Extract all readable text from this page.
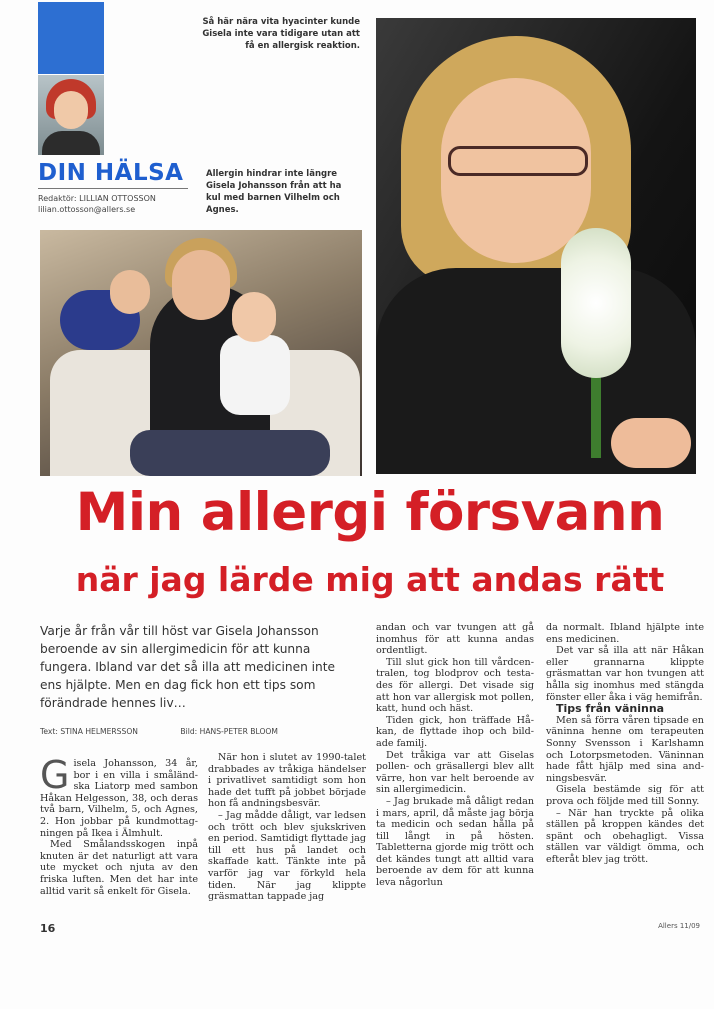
DIN HÄLSA
Redaktör: LILLIAN OTTOSSON
lilian.ottosson@allers.se
Så här nära vita hyacinter kunde Gisela inte vara tidigare utan att få en allergisk reaktion.
Allergin hindrar inte längre Gisela Johansson från att ha kul med barnen Vilhelm och Agnes.
Min allergi försvann
när jag lärde mig att andas rätt
Varje år från vår till höst var Gisela Johansson beroende av sin allergimedicin för att kunna fungera. Ibland var det så illa att medicinen inte ens hjälpte. Men en dag fick hon ett tips som förändrade hennes liv…
Text: STINA HELMERSSON	Bild: HANS-PETER BLOOM
G isela Johansson, 34 år, bor i en villa i småländska Liatorp med sambon Håkan Helgesson, 38, och deras två barn, Vilhelm, 5, och Agnes, 2. Hon jobbar på kundmottagningen på Ikea i Älmhult.

Med Smålandsskogen inpå knuten är det naturligt att vara ute mycket och njuta av den friska luften. Men det har inte alltid varit så enkelt för Gisela.

När hon i slutet av 1990-talet drabbades av tråkiga händelser i privatlivet samtidigt som hon hade det tufft på jobbet började hon få andningsbesvär.

– Jag mådde dåligt, var ledsen och trött och blev sjukskriven en period. Samtidigt flyttade jag till ett hus på landet och skaffade katt. Tänkte inte på varför jag var förkyld hela tiden. När jag klippte gräsmattan tappade jag

andan och var tvungen att gå inomhus för att kunna andas ordentligt.

Till slut gick hon till vårdcentralen, tog blodprov och testades för allergi. Det visade sig att hon var allergisk mot pollen, katt, hund och häst.

Tiden gick, hon träffade Håkan, de flyttade ihop och bildade familj.

Det tråkiga var att Giselas pollen- och gräsallergi blev allt värre, hon var helt beroende av sin allergimedicin.

– Jag brukade må dåligt redan i mars, april, då måste jag börja ta medicin och sedan hålla på till långt in på hösten. Tabletterna gjorde mig trött och det kändes tungt att alltid vara beroende av dem för att kunna leva någorlun

da normalt. Ibland hjälpte inte ens medicinen.

Det var så illa att när Håkan eller grannarna klippte gräsmattan var hon tvungen att hålla sig inomhus med stängda fönster eller åka i väg hemifrån.

Tips från väninna

Men så förra våren tipsade en väninna henne om terapeuten Sonny Svensson i Karlshamn och Lotorpsmetoden. Väninnan hade fått hjälp med sina andningsbesvär.

Gisela bestämde sig för att prova och följde med till Sonny.

– När han tryckte på olika ställen på kroppen kändes det spänt och obehagligt. Vissa ställen var väldigt ömma, och efteråt blev jag trött.

16	Allers 11/09
